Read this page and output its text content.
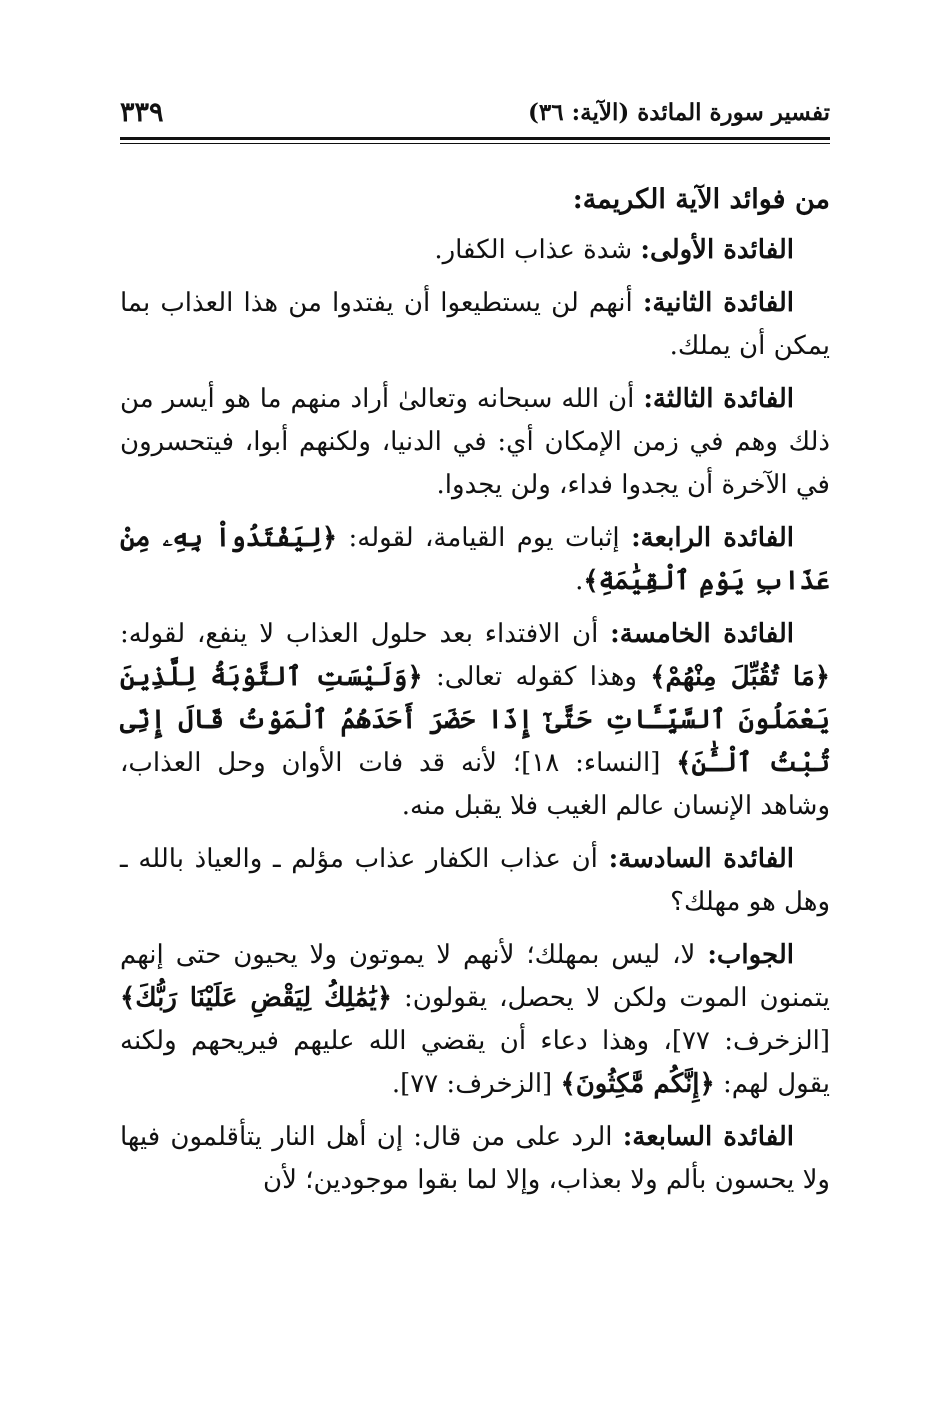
تفسير سورة المائدة (الآية: ٣٦)
٣٣٩
من فوائد الآية الكريمة:

الفائدة الأولى: شدة عذاب الكفار.

الفائدة الثانية: أنهم لن يستطيعوا أن يفتدوا من هذا العذاب بما يمكن أن يملك.

الفائدة الثالثة: أن الله سبحانه وتعالىٰ أراد منهم ما هو أيسر من ذلك وهم في زمن الإمكان أي: في الدنيا، ولكنهم أبوا، فيتحسرون في الآخرة أن يجدوا فداء، ولن يجدوا.

الفائدة الرابعة: إثبات يوم القيامة، لقوله: ﴿لِيَفْتَدُواْ بِهِۦ مِنْ عَذَابِ يَوْمِ ٱلْقِيَٰمَةِ﴾.

الفائدة الخامسة: أن الافتداء بعد حلول العذاب لا ينفع، لقوله: ﴿مَا تُقُبِّلَ مِنْهُمْ﴾ وهذا كقوله تعالى: ﴿وَلَيْسَتِ ٱلتَّوْبَةُ لِلَّذِينَ يَعْمَلُونَ ٱلسَّيِّـَٔاتِ حَتَّىٰٓ إِذَا حَضَرَ أَحَدَهُمُ ٱلْمَوْتُ قَالَ إِنِّى تُبْتُ ٱلْـَٰٔنَ﴾ [النساء: ١٨]؛ لأنه قد فات الأوان وحل العذاب، وشاهد الإنسان عالم الغيب فلا يقبل منه.

الفائدة السادسة: أن عذاب الكفار عذاب مؤلم ـ والعياذ بالله ـ وهل هو مهلك؟

الجواب: لا، ليس بمهلك؛ لأنهم لا يموتون ولا يحيون حتى إنهم يتمنون الموت ولكن لا يحصل، يقولون: ﴿يَٰمَٰلِكُ لِيَقْضِ عَلَيْنَا رَبُّكَ﴾ [الزخرف: ٧٧]، وهذا دعاء أن يقضي الله عليهم فيريحهم ولكنه يقول لهم: ﴿إِنَّكُم مَّٰكِثُونَ﴾ [الزخرف: ٧٧].

الفائدة السابعة: الرد على من قال: إن أهل النار يتأقلمون فيها ولا يحسون بألم ولا بعذاب، وإلا لما بقوا موجودين؛ لأن
